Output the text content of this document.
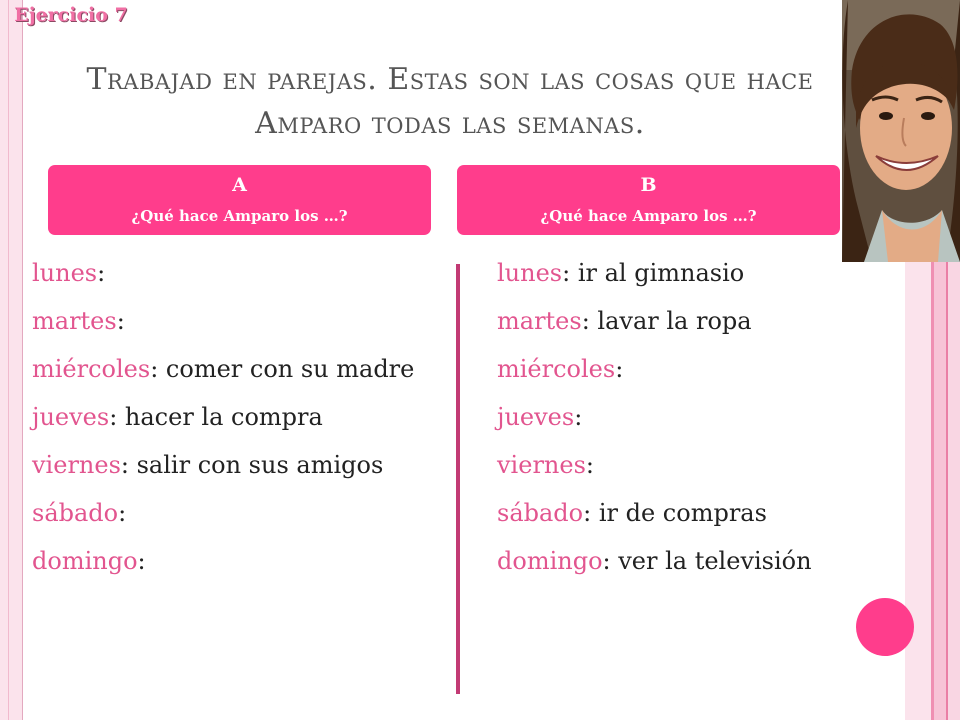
Ejercicio 7
Trabajad en parejas. Estas son las cosas que hace Amparo todas las semanas.
A
¿Qué hace Amparo los …?
B
¿Qué hace Amparo los …?
lunes:
martes:
miércoles: comer con su madre
jueves: hacer la compra
viernes: salir con sus amigos
sábado:
domingo:
lunes: ir al gimnasio
martes: lavar la ropa
miércoles:
jueves:
viernes:
sábado: ir de compras
domingo: ver la televisión
